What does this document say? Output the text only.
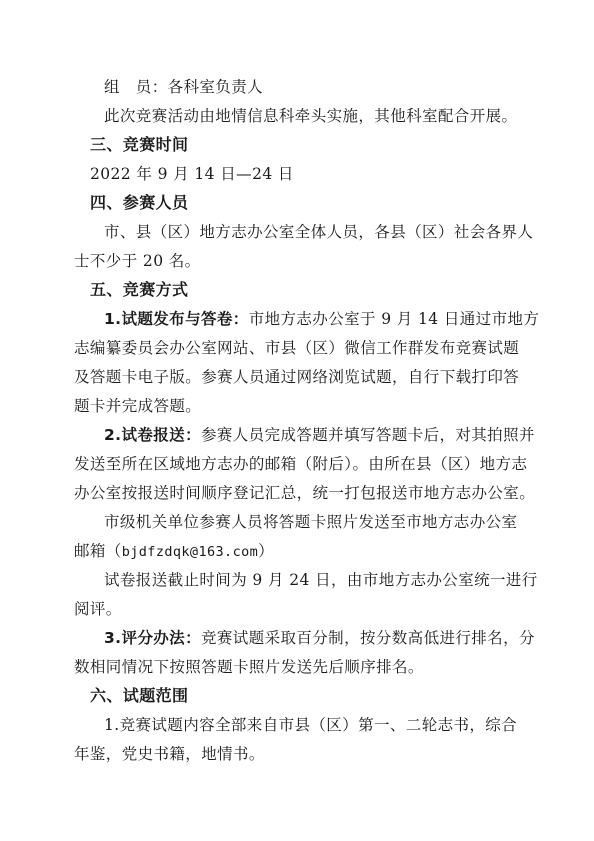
组　员：各科室负责人
此次竞赛活动由地情信息科牵头实施，其他科室配合开展。
三、竞赛时间
2022 年 9 月 14 日—24 日
四、参赛人员
市、县（区）地方志办公室全体人员，各县（区）社会各界人
士不少于 20 名。
五、竞赛方式
1.试题发布与答卷：市地方志办公室于 9 月 14 日通过市地方
志编纂委员会办公室网站、市县（区）微信工作群发布竞赛试题
及答题卡电子版。参赛人员通过网络浏览试题，自行下载打印答
题卡并完成答题。
2.试卷报送：参赛人员完成答题并填写答题卡后，对其拍照并
发送至所在区域地方志办的邮箱（附后）。由所在县（区）地方志
办公室按报送时间顺序登记汇总，统一打包报送市地方志办公室。
市级机关单位参赛人员将答题卡照片发送至市地方志办公室
邮箱（bjdfzdqk@163.com）
试卷报送截止时间为 9 月 24 日，由市地方志办公室统一进行
阅评。
3.评分办法：竞赛试题采取百分制，按分数高低进行排名，分
数相同情况下按照答题卡照片发送先后顺序排名。
六、试题范围
1.竞赛试题内容全部来自市县（区）第一、二轮志书，综合
年鉴，党史书籍，地情书。
